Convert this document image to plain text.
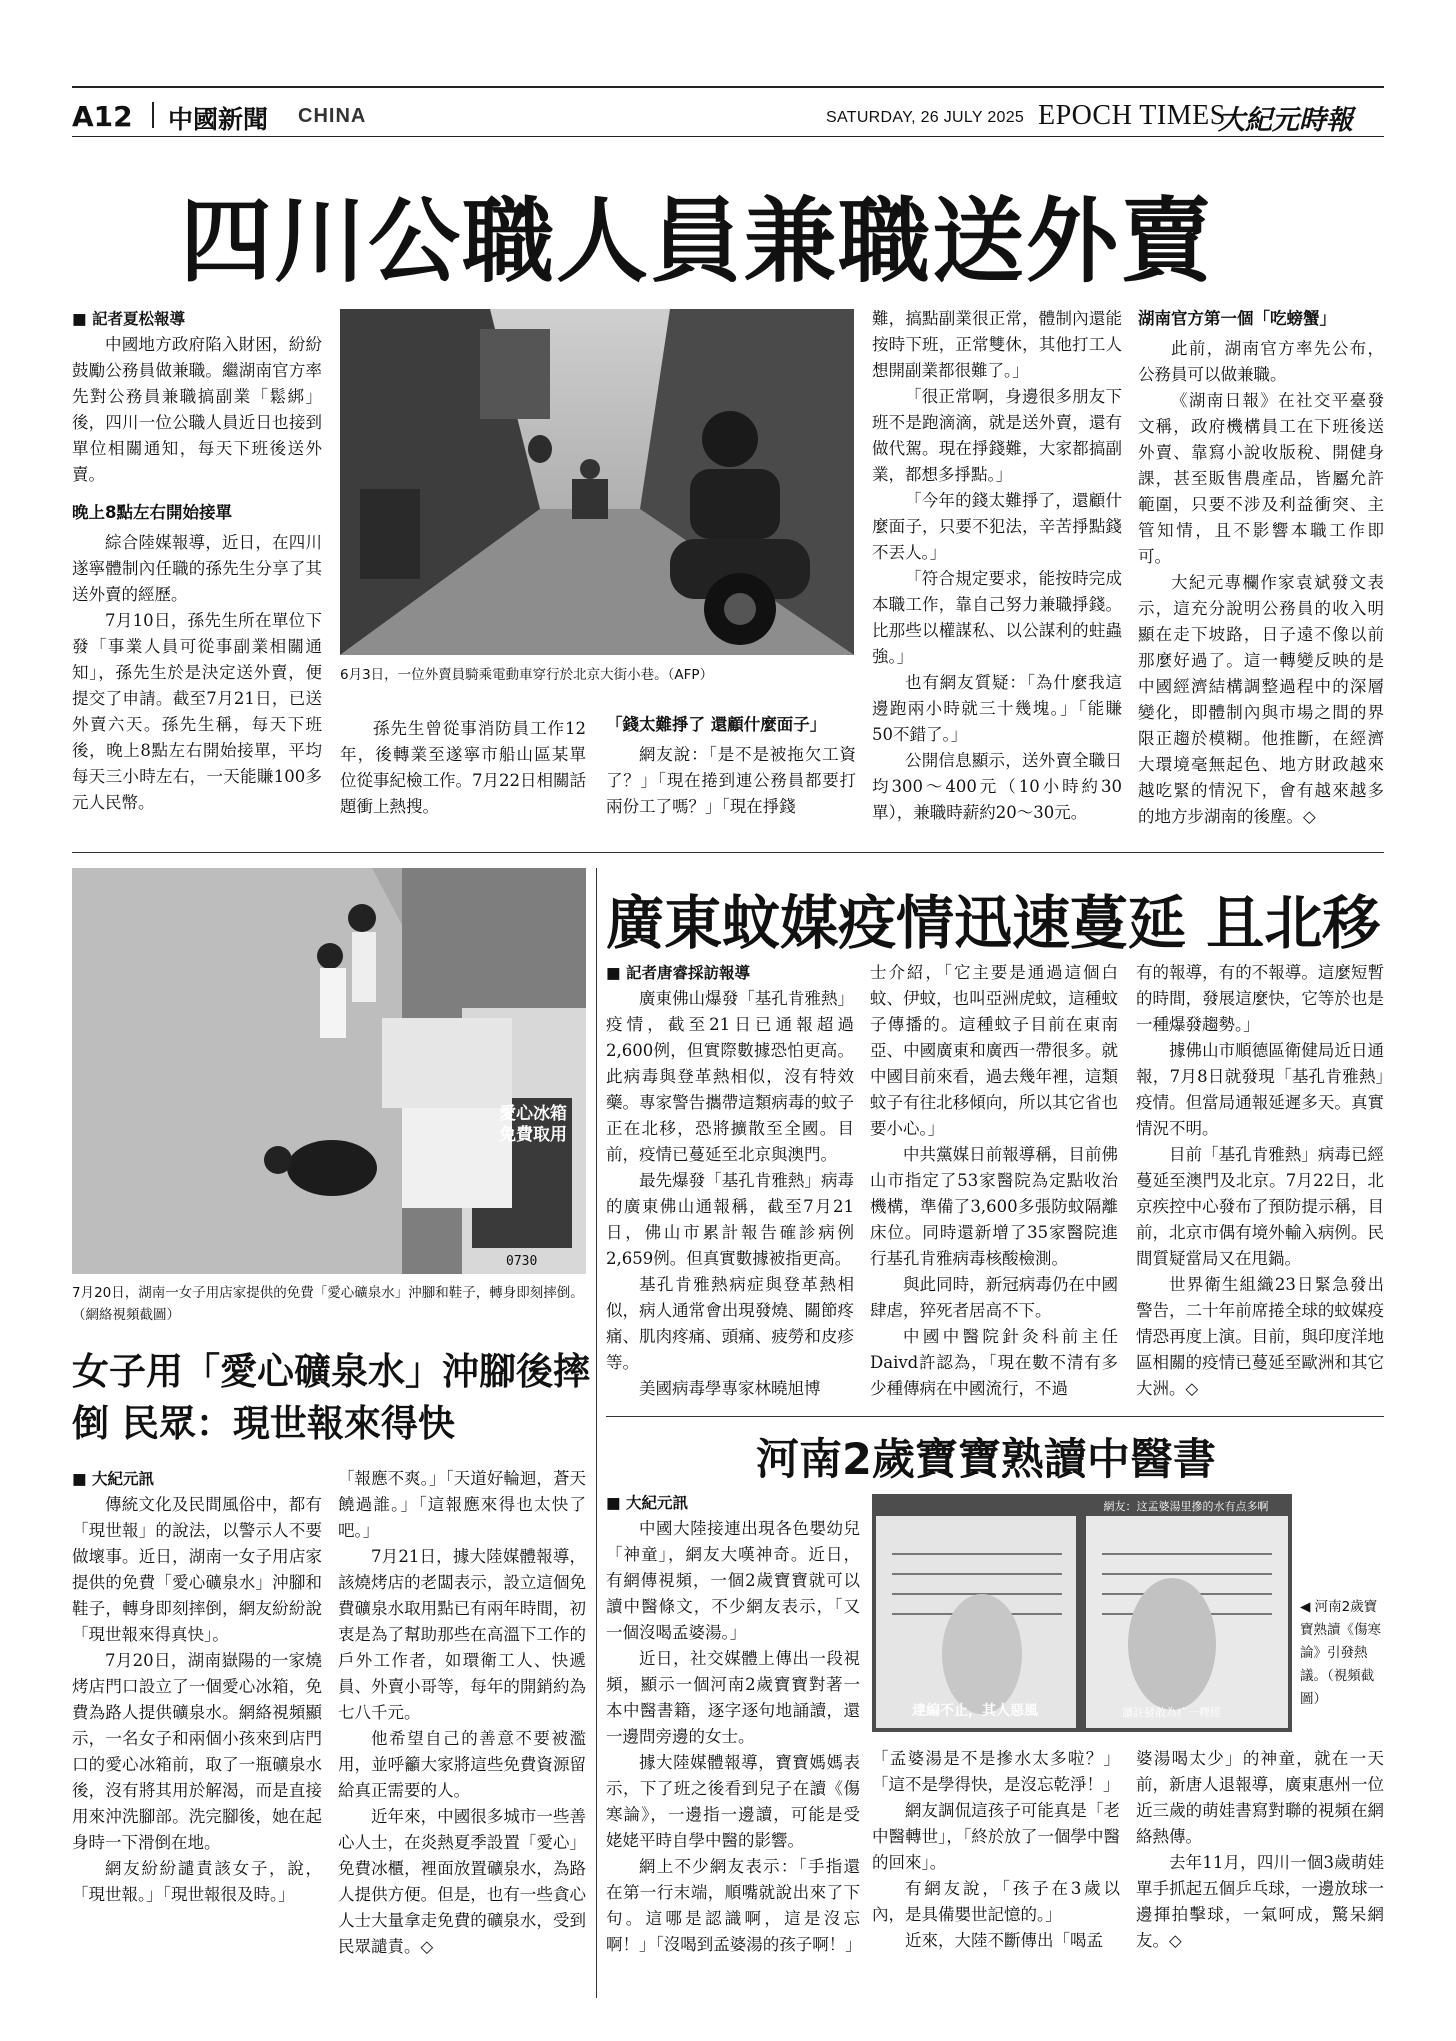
A12 中國新聞 CHINA	SATURDAY, 26 JULY 2025 EPOCH TIMES
大紀元時報
四川公職人員兼職送外賣

■ 記者夏松報導

中國地方政府陷入財困，紛紛鼓勵公務員做兼職。繼湖南官方率先對公務員兼職搞副業「鬆綁」後，四川一位公職人員近日也接到單位相關通知，每天下班後送外賣。

晚上8點左右開始接單

綜合陸媒報導，近日，在四川遂寧體制內任職的孫先生分享了其送外賣的經歷。

7月10日，孫先生所在單位下發「事業人員可從事副業相關通知」，孫先生於是決定送外賣，便提交了申請。截至7月21日，已送外賣六天。孫先生稱，每天下班後，晚上8點左右開始接單，平均每天三小時左右，一天能賺100多元人民幣。

6月3日，一位外賣員騎乘電動車穿行於北京大街小巷。（AFP）

孫先生曾從事消防員工作12年，後轉業至遂寧市船山區某單位從事紀檢工作。7月22日相關話題衝上熱搜。

「錢太難掙了 還顧什麼面子」

網友說：「是不是被拖欠工資了？」「現在捲到連公務員都要打兩份工了嗎？」「現在掙錢

難，搞點副業很正常，體制內還能按時下班，正常雙休，其他打工人想開副業都很難了。」

「很正常啊，身邊很多朋友下班不是跑滴滴，就是送外賣，還有做代駕。現在掙錢難，大家都搞副業，都想多掙點。」

「今年的錢太難掙了，還顧什麼面子，只要不犯法，辛苦掙點錢不丟人。」

「符合規定要求，能按時完成本職工作，靠自己努力兼職掙錢。比那些以權謀私、以公謀利的蛀蟲強。」

也有網友質疑：「為什麼我這邊跑兩小時就三十幾塊。」「能賺50不錯了。」

公開信息顯示，送外賣全職日均300～400元（10小時約30單），兼職時薪約20～30元。

湖南官方第一個「吃螃蟹」

此前，湖南官方率先公布，公務員可以做兼職。

《湖南日報》在社交平臺發文稱，政府機構員工在下班後送外賣、靠寫小說收版稅、開健身課，甚至販售農產品，皆屬允許範圍，只要不涉及利益衝突、主管知情，且不影響本職工作即可。

大紀元專欄作家袁斌發文表示，這充分說明公務員的收入明顯在走下坡路，日子遠不像以前那麼好過了。這一轉變反映的是中國經濟結構調整過程中的深層變化，即體制內與市場之間的界限正趨於模糊。他推斷，在經濟大環境毫無起色、地方財政越來越吃緊的情況下，會有越來越多的地方步湖南的後塵。◇

愛心冰箱 免費取用
0730
7月20日，湖南一女子用店家提供的免費「愛心礦泉水」沖腳和鞋子，轉身即刻摔倒。（網絡視頻截圖）
女子用「愛心礦泉水」沖腳後摔倒 民眾：現世報來得快

■ 大紀元訊

傳統文化及民間風俗中，都有「現世報」的說法，以警示人不要做壞事。近日，湖南一女子用店家提供的免費「愛心礦泉水」沖腳和鞋子，轉身即刻摔倒，網友紛紛說「現世報來得真快」。

7月20日，湖南嶽陽的一家燒烤店門口設立了一個愛心冰箱，免費為路人提供礦泉水。網絡視頻顯示，一名女子和兩個小孩來到店門口的愛心冰箱前，取了一瓶礦泉水後，沒有將其用於解渴，而是直接用來沖洗腳部。洗完腳後，她在起身時一下滑倒在地。

網友紛紛譴責該女子，說，「現世報。」「現世報很及時。」

「報應不爽。」「天道好輪迴，蒼天饒過誰。」「這報應來得也太快了吧。」

7月21日，據大陸媒體報導，該燒烤店的老闆表示，設立這個免費礦泉水取用點已有兩年時間，初衷是為了幫助那些在高溫下工作的戶外工作者，如環衛工人、快遞員、外賣小哥等，每年的開銷約為七八千元。

他希望自己的善意不要被濫用，並呼籲大家將這些免費資源留給真正需要的人。

近年來，中國很多城市一些善心人士，在炎熱夏季設置「愛心」免費冰櫃，裡面放置礦泉水，為路人提供方便。但是，也有一些貪心人士大量拿走免費的礦泉水，受到民眾譴責。◇

廣東蚊媒疫情迅速蔓延 且北移

■ 記者唐睿採訪報導

廣東佛山爆發「基孔肯雅熱」疫情，截至21日已通報超過2,600例，但實際數據恐怕更高。此病毒與登革熱相似，沒有特效藥。專家警告攜帶這類病毒的蚊子正在北移，恐將擴散至全國。目前，疫情已蔓延至北京與澳門。

最先爆發「基孔肯雅熱」病毒的廣東佛山通報稱，截至7月21日，佛山市累計報告確診病例2,659例。但真實數據被指更高。

基孔肯雅熱病症與登革熱相似，病人通常會出現發燒、關節疼痛、肌肉疼痛、頭痛、疲勞和皮疹等。

美國病毒學專家林曉旭博

士介紹，「它主要是通過這個白蚊、伊蚊，也叫亞洲虎蚊，這種蚊子傳播的。這種蚊子目前在東南亞、中國廣東和廣西一帶很多。就中國目前來看，過去幾年裡，這類蚊子有往北移傾向，所以其它省也要小心。」

中共黨媒日前報導稱，目前佛山市指定了53家醫院為定點收治機構，準備了3,600多張防蚊隔離床位。同時還新增了35家醫院進行基孔肯雅病毒核酸檢測。

與此同時，新冠病毒仍在中國肆虐，猝死者居高不下。

中國中醫院針灸科前主任Daivd許認為，「現在數不清有多少種傳病在中國流行，不過

有的報導，有的不報導。這麼短暫的時間，發展這麼快，它等於也是一種爆發趨勢。」

據佛山市順德區衛健局近日通報，7月8日就發現「基孔肯雅熱」疫情。但當局通報延遲多天。真實情況不明。

目前「基孔肯雅熱」病毒已經蔓延至澳門及北京。7月22日，北京疾控中心發布了預防提示稱，目前，北京市偶有境外輸入病例。民間質疑當局又在甩鍋。

世界衛生組織23日緊急發出警告，二十年前席捲全球的蚊媒疫情恐再度上演。目前，與印度洋地區相關的疫情已蔓延至歐洲和其它大洲。◇

河南2歲寶寶熟讀中醫書

■ 大紀元訊

中國大陸接連出現各色嬰幼兒「神童」，網友大嘆神奇。近日，有網傳視頻，一個2歲寶寶就可以讀中醫條文，不少網友表示，「又一個沒喝孟婆湯。」

近日，社交媒體上傳出一段視頻，顯示一個河南2歲寶寶對著一本中醫書籍，逐字逐句地誦讀，還一邊問旁邊的女士。

據大陸媒體報導，寶寶媽媽表示，下了班之後看到兒子在讀《傷寒論》，一邊指一邊讀，可能是受姥姥平時自學中醫的影響。

網上不少網友表示：「手指還在第一行末端，順嘴就說出來了下句。這哪是認識啊，這是沒忘啊！」「沒喝到孟婆湯的孩子啊！」

網友：这孟婆湯里摻的水有点多啊
達編不止，其人惡風	讀註發散為疒一釋經
◀ 河南2歲寶寶熟讀《傷寒論》引發熱議。（視頻截圖）

「孟婆湯是不是摻水太多啦？」「這不是學得快，是沒忘乾淨！」

網友調侃這孩子可能真是「老中醫轉世」，「終於放了一個學中醫的回來」。

有網友說，「孩子在3歲以內，是具備嬰世記憶的。」

近來，大陸不斷傳出「喝孟

婆湯喝太少」的神童，就在一天前，新唐人退報導，廣東惠州一位近三歲的萌娃書寫對聯的視頻在網絡熱傳。

去年11月，四川一個3歲萌娃單手抓起五個乒乓球，一邊放球一邊揮拍擊球，一氣呵成，驚呆網友。◇
